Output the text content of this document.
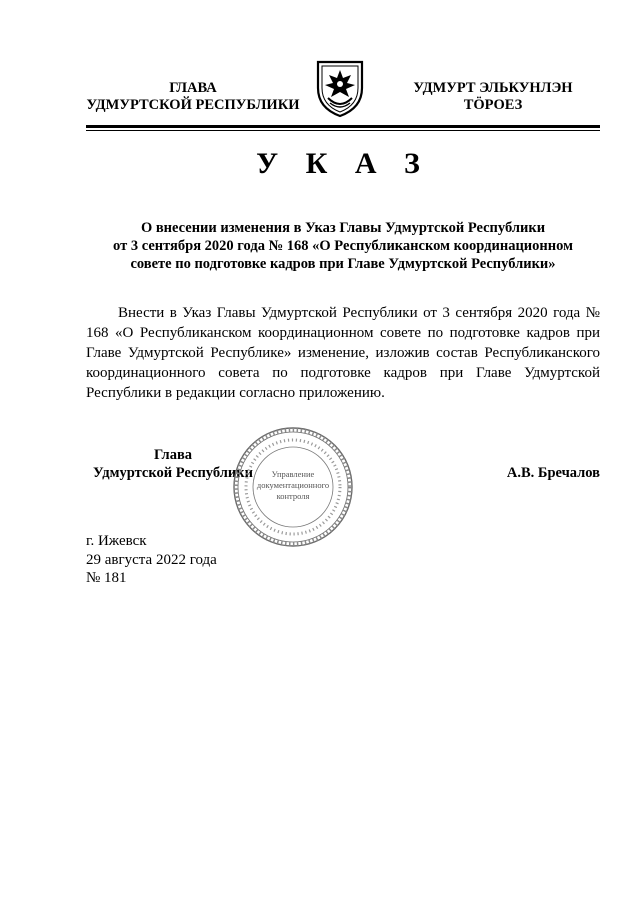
ГЛАВА
УДМУРТСКОЙ РЕСПУБЛИКИ
УДМУРТ ЭЛЬКУНЛЭН
ТӦРОЕЗ
У К А З
О внесении изменения в Указ Главы Удмуртской Республики
от 3 сентября 2020 года № 168 «О Республиканском координационном
совете по подготовке кадров при Главе Удмуртской Республики»
Внести в Указ Главы Удмуртской Республики от 3 сентября 2020 года № 168 «О Республиканском координационном совете по подготовке кадров при Главе Удмуртской Республике» изменение, изложив состав Республиканского координационного совета по подготовке кадров при Главе Удмуртской Республики в редакции согласно приложению.
Глава
Удмуртской Республики	Управление
документационного
контроля
А.В. Бречалов
г. Ижевск
29 августа 2022 года
№ 181
